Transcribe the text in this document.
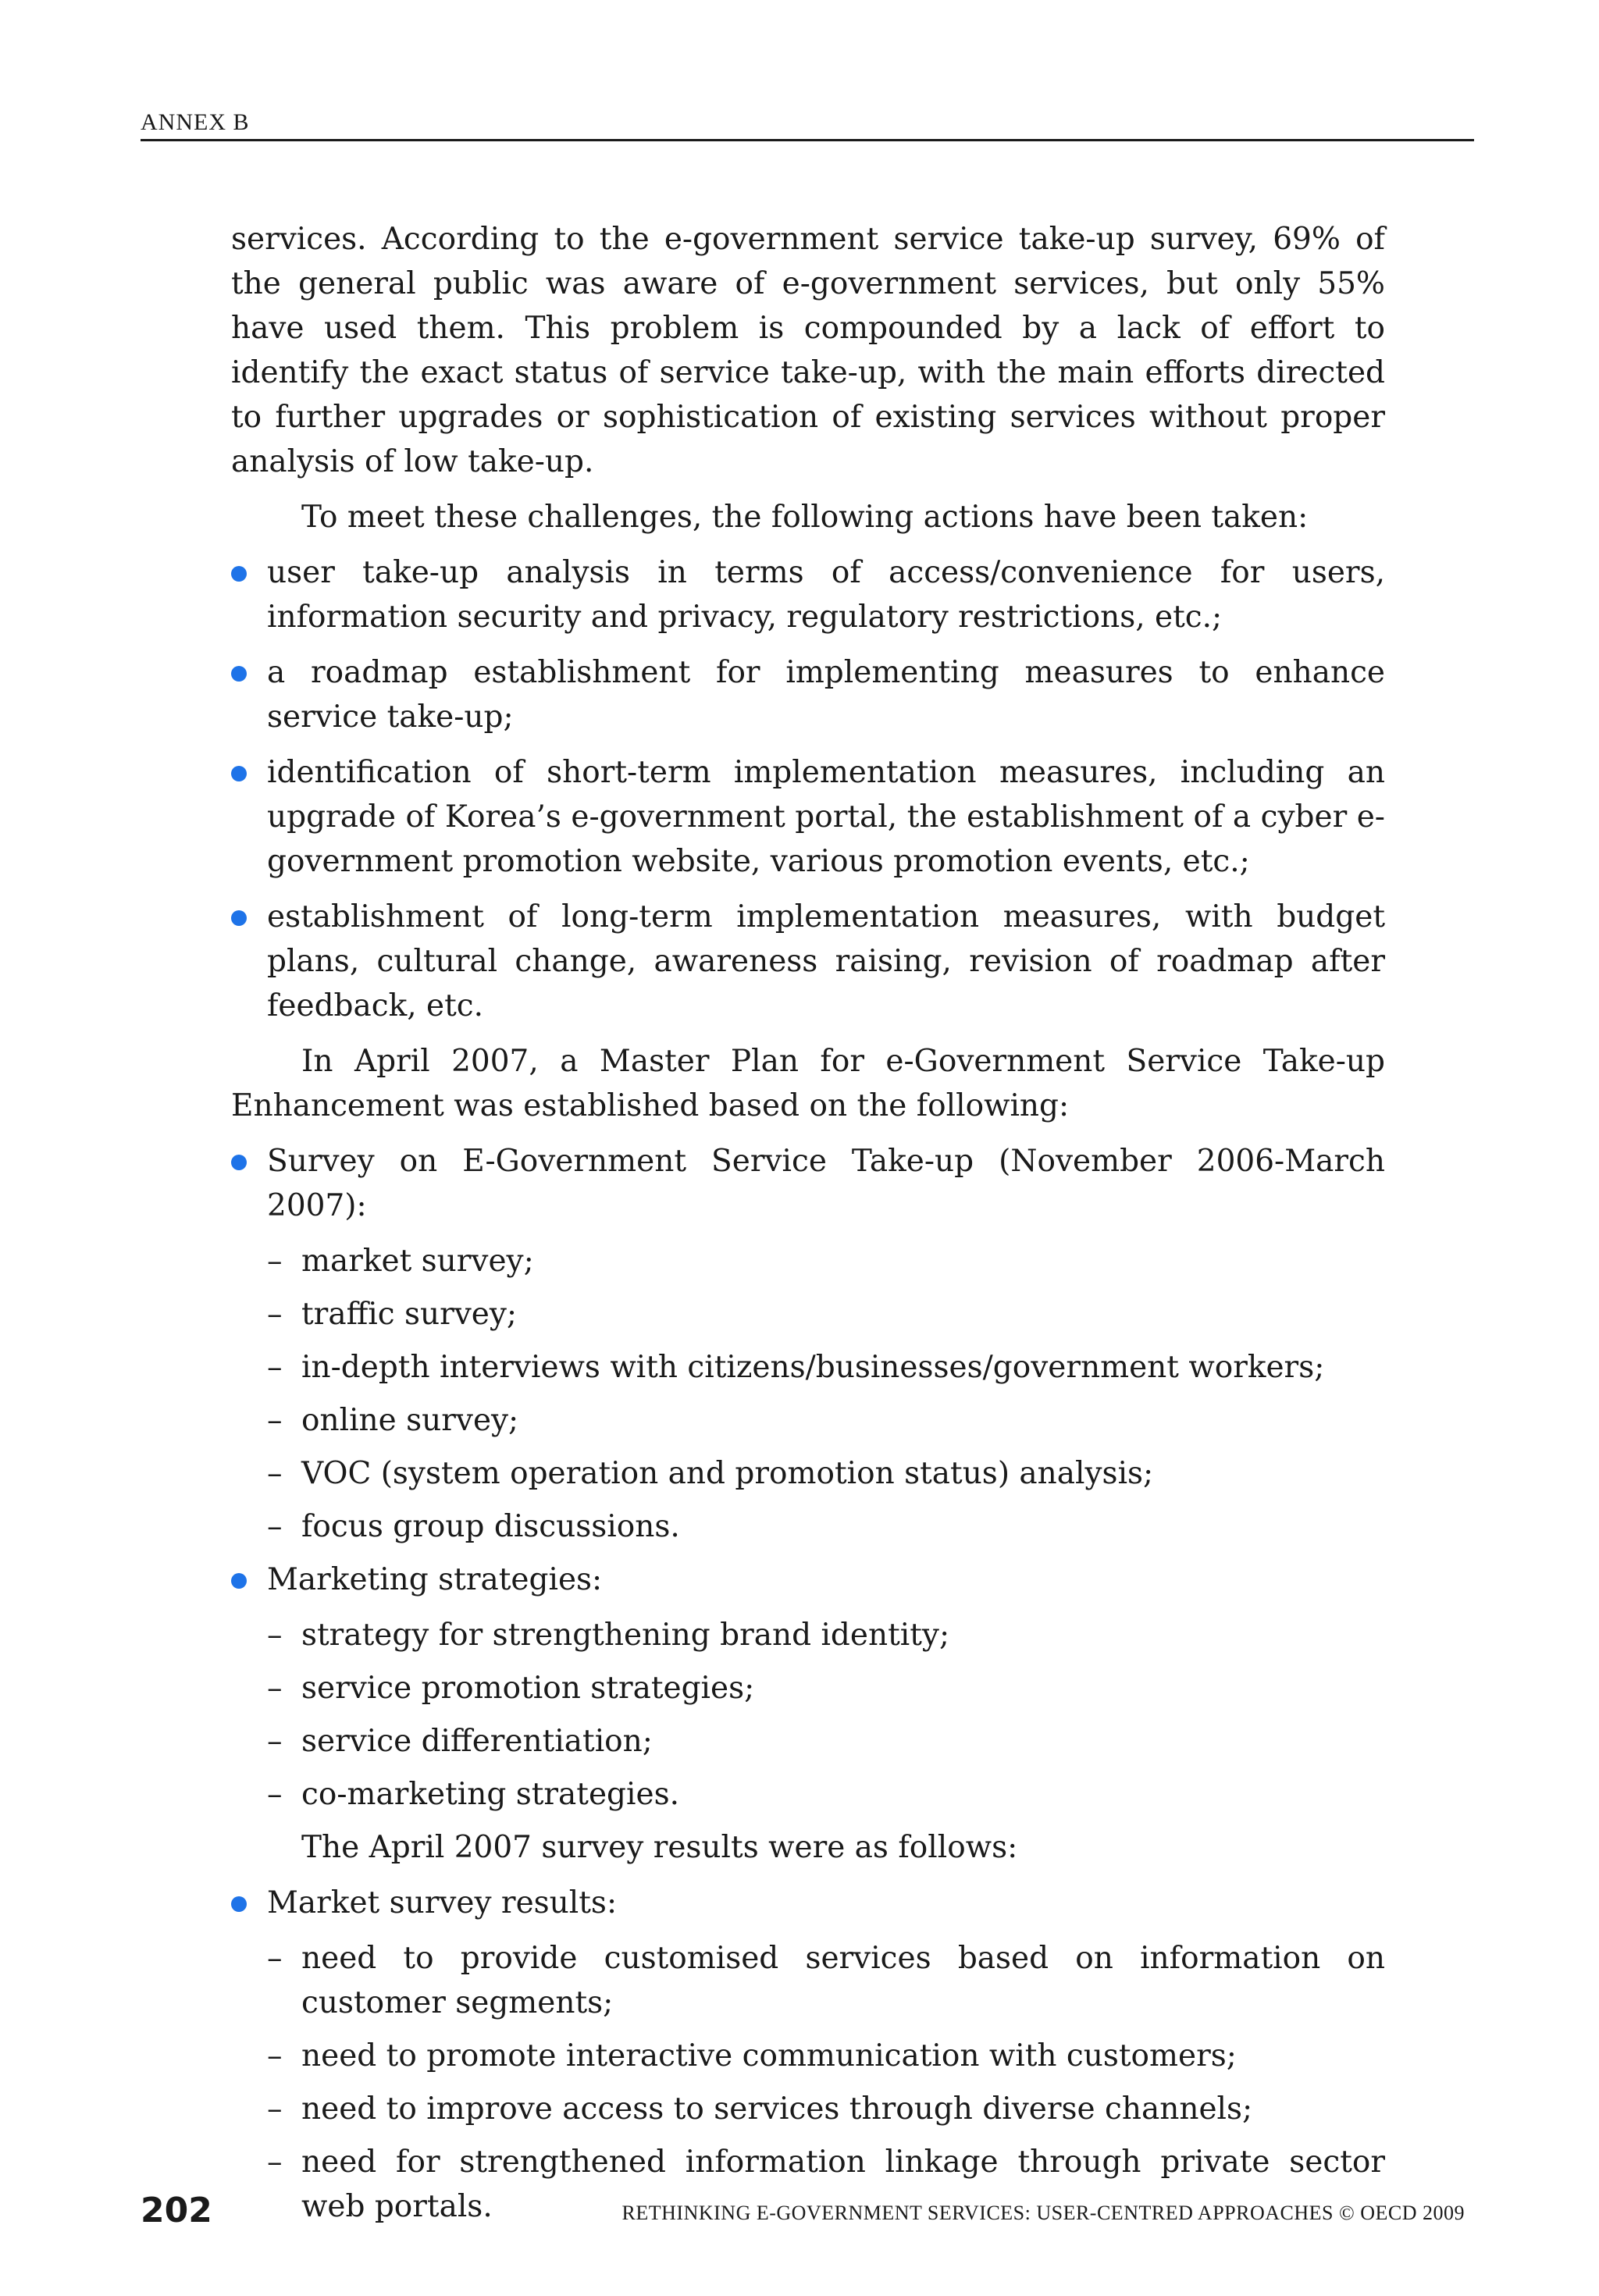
ANNEX B

services. According to the e-government service take-up survey, 69% of the general public was aware of e-government services, but only 55% have used them. This problem is compounded by a lack of effort to identify the exact status of service take-up, with the main efforts directed to further upgrades or sophistication of existing services without proper analysis of low take-up.

To meet these challenges, the following actions have been taken:

user take-up analysis in terms of access/convenience for users, information security and privacy, regulatory restrictions, etc.;
a roadmap establishment for implementing measures to enhance service take-up;
identification of short-term implementation measures, including an upgrade of Korea’s e-government portal, the establishment of a cyber e-government promotion website, various promotion events, etc.;
establishment of long-term implementation measures, with budget plans, cultural change, awareness raising, revision of roadmap after feedback, etc.

In April 2007, a Master Plan for e-Government Service Take-up Enhancement was established based on the following:

Survey on E-Government Service Take-up (November 2006-March 2007):
– market survey;
– traffic survey;
– in-depth interviews with citizens/businesses/government workers;
– online survey;
– VOC (system operation and promotion status) analysis;
– focus group discussions.
Marketing strategies:
– strategy for strengthening brand identity;
– service promotion strategies;
– service differentiation;
– co-marketing strategies.

The April 2007 survey results were as follows:

Market survey results:
– need to provide customised services based on information on customer segments;
– need to promote interactive communication with customers;
– need to improve access to services through diverse channels;
– need for strengthened information linkage through private sector web portals.
202	RETHINKING E-GOVERNMENT SERVICES: USER-CENTRED APPROACHES © OECD 2009
